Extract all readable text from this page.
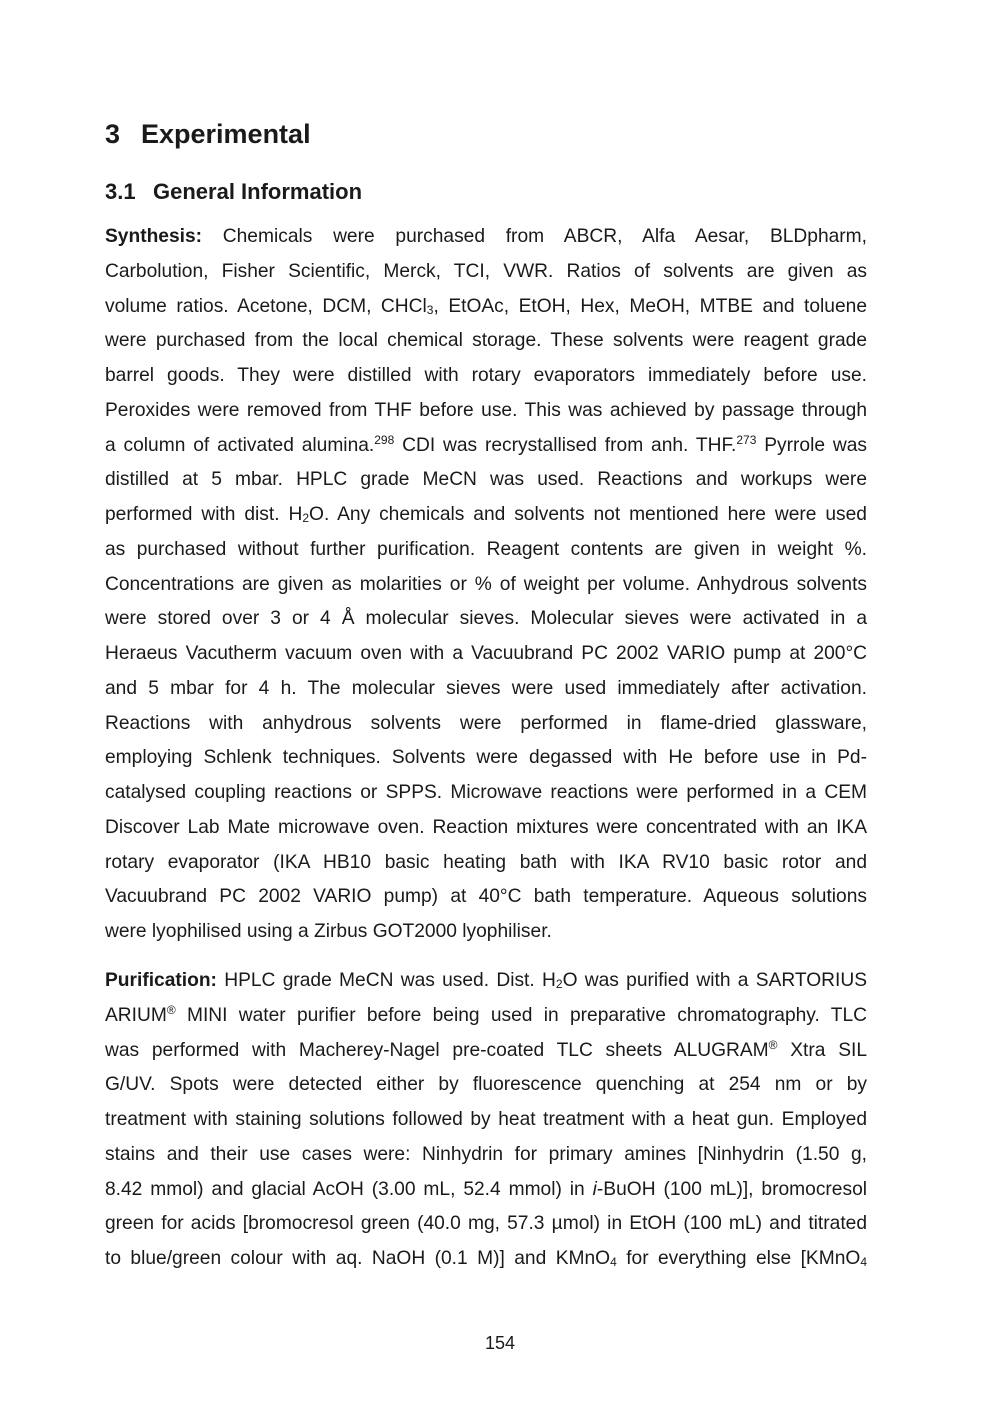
3 Experimental
3.1 General Information
Synthesis: Chemicals were purchased from ABCR, Alfa Aesar, BLDpharm,
Carbolution, Fisher Scientific, Merck, TCI, VWR. Ratios of solvents are given as
volume ratios. Acetone, DCM, CHCl$_3$, EtOAc, EtOH, Hex, MeOH, MTBE and toluene
were purchased from the local chemical storage. These solvents were reagent grade
barrel goods. They were distilled with rotary evaporators immediately before use.
Peroxides were removed from THF before use. This was achieved by passage through
a column of activated alumina.$^{298}$ CDI was recrystallised from anh. THF.$^{273}$ Pyrrole was
distilled at 5 mbar. HPLC grade MeCN was used. Reactions and workups were
performed with dist. $H_2O$. Any chemicals and solvents not mentioned here were used
as purchased without further purification. Reagent contents are given in weight %.
Concentrations are given as molarities or % of weight per volume. Anhydrous solvents
were stored over 3 or 4 Å molecular sieves. Molecular sieves were activated in a
Heraeus Vacutherm vacuum oven with a Vacuubrand PC 2002 VARIO pump at 200°C
and 5 mbar for 4 h. The molecular sieves were used immediately after activation.
Reactions with anhydrous solvents were performed in flame-dried glassware,
employing Schlenk techniques. Solvents were degassed with He before use in Pd-
catalysed coupling reactions or SPPS. Microwave reactions were performed in a CEM
Discover Lab Mate microwave oven. Reaction mixtures were concentrated with an IKA
rotary evaporator (IKA HB10 basic heating bath with IKA RV10 basic rotor and
Vacuubrand PC 2002 VARIO pump) at 40°C bath temperature. Aqueous solutions
were lyophilised using a Zirbus GOT2000 lyophiliser.
Purification: HPLC grade MeCN was used. Dist. $H_2O$ was purified with a SARTORIUS
ARIUM® MINI water purifier before being used in preparative chromatography. TLC
was performed with Macherey-Nagel pre-coated TLC sheets ALUGRAM® Xtra SIL
G/UV. Spots were detected either by fluorescence quenching at 254 nm or by
treatment with staining solutions followed by heat treatment with a heat gun. Employed
stains and their use cases were: Ninhydrin for primary amines [Ninhydrin (1.50 g,
8.42 mmol) and glacial AcOH (3.00 mL, 52.4 mmol) in i-BuOH (100 mL)], bromocresol
green for acids [bromocresol green (40.0 mg, 57.3 µmol) in EtOH (100 mL) and titrated
to blue/green colour with aq. NaOH (0.1 M)] and KMnO$_4$ for everything else [KMnO$_4$
154
